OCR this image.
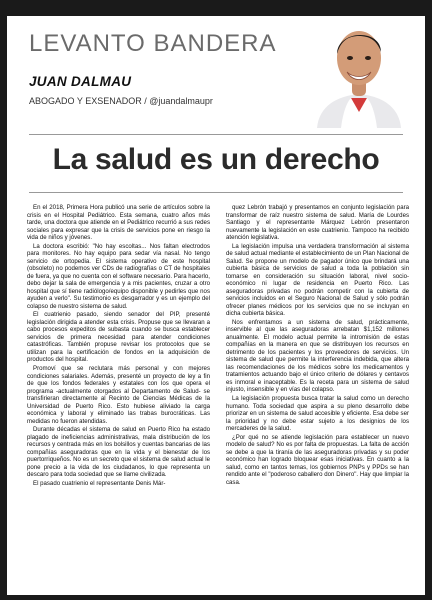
LEVANTO BANDERA
JUAN DALMAU
ABOGADO Y EXSENADOR / @juandalmaupr
La salud es un derecho

En el 2018, Primera Hora publicó una serie de artículos sobre la crisis en el Hospital Pediátrico. Esta semana, cuatro años más tarde, una doctora que atiende en el Pediátrico recurrió a sus redes sociales para expresar que la crisis de servicios pone en riesgo la vida de niños y jóvenes.

La doctora escribió: "No hay escoltas... Nos faltan electrodos para monitores. No hay equipo para sedar vía nasal. No tengo servicio de ortopedia. El sistema operativo de este hospital (obsoleto) no podemos ver CDs de radiografías o CT de hospitales de fuera, ya que no cuenta con el software necesario. Para hacerlo, debo dejar la sala de emergencia y a mis pacientes, cruzar a otro hospital que sí tiene radiólogo/equipo disponible y pedirles que nos ayuden a verlo". Su testimonio es desgarrador y es un ejemplo del colapso de nuestro sistema de salud.

El cuatrienio pasado, siendo senador del PIP, presenté legislación dirigida a atender esta crisis. Propuse que se llevaran a cabo procesos expeditos de subasta cuando se busca establecer servicios de primera necesidad para atender condiciones catastróficas. También propuse revisar los protocolos que se utilizan para la certificación de fondos en la adquisición de productos del hospital.

Promoví que se reclutara más personal y con mejores condiciones salariales. Además, presenté un proyecto de ley a fin de que los fondos federales y estatales con los que opera el programa -actualmente otorgados al Departamento de Salud- se transfirieran directamente al Recinto de Ciencias Médicas de la Universidad de Puerto Rico. Esto hubiese aliviado la carga económica y laboral y eliminado las trabas burocráticas. Las medidas no fueron atendidas.

Durante décadas el sistema de salud en Puerto Rico ha estado plagado de ineficiencias administrativas, mala distribución de los recursos y centrada más en los bolsillos y cuentas bancarias de las compañías aseguradoras que en la vida y el bienestar de los puertorriqueños. No es un secreto que el sistema de salud actual le pone precio a la vida de los ciudadanos, lo que representa un descaro para toda sociedad que se llame civilizada.

El pasado cuatrienio el representante Denis Már-

quez Lebrón trabajó y presentamos en conjunto legislación para transformar de raíz nuestro sistema de salud. María de Lourdes Santiago y el representante Márquez Lebrón presentaron nuevamente la legislación en este cuatrienio. Tampoco ha recibido atención legislativa.

La legislación impulsa una verdadera transformación al sistema de salud actual mediante el establecimiento de un Plan Nacional de Salud. Se propone un modelo de pagador único que brindará una cubierta básica de servicios de salud a toda la población sin tomarse en consideración su situación laboral, nivel socio-económico ni lugar de residencia en Puerto Rico. Las aseguradoras privadas no podrán competir con la cubierta de servicios incluidos en el Seguro Nacional de Salud y sólo podrán ofrecer planes médicos por los servicios que no se incluyan en dicha cubierta básica.

Nos enfrentamos a un sistema de salud, prácticamente, inservible al que las aseguradoras arrebatan $1,152 millones anualmente. El modelo actual permite la intromisión de estas compañías en la manera en que se distribuyen los recursos en detrimento de los pacientes y los proveedores de servicios. Un sistema de salud que permite la interferencia indebida, que altera las recomendaciones de los médicos sobre los medicamentos y tratamientos actuando bajo el único criterio de dólares y centavos es inmoral e inaceptable. Es la receta para un sistema de salud injusto, insensible y en vías del colapso.

La legislación propuesta busca tratar la salud como un derecho humano. Toda sociedad que aspira a su pleno desarrollo debe priorizar en un sistema de salud accesible y eficiente. Esa debe ser la prioridad y no debe estar sujeto a los designios de los mercaderes de la salud.

¿Por qué no se atiende legislación para establecer un nuevo modelo de salud? No es por falta de propuestas. La falta de acción se debe a que la tiranía de las aseguradoras privadas y su poder económico han logrado bloquear esas iniciativas. En cuanto a la salud, como en tantos temas, los gobiernos PNPs y PPDs se han rendido ante el "poderoso caballero don Dinero". Hay que limpiar la casa.
